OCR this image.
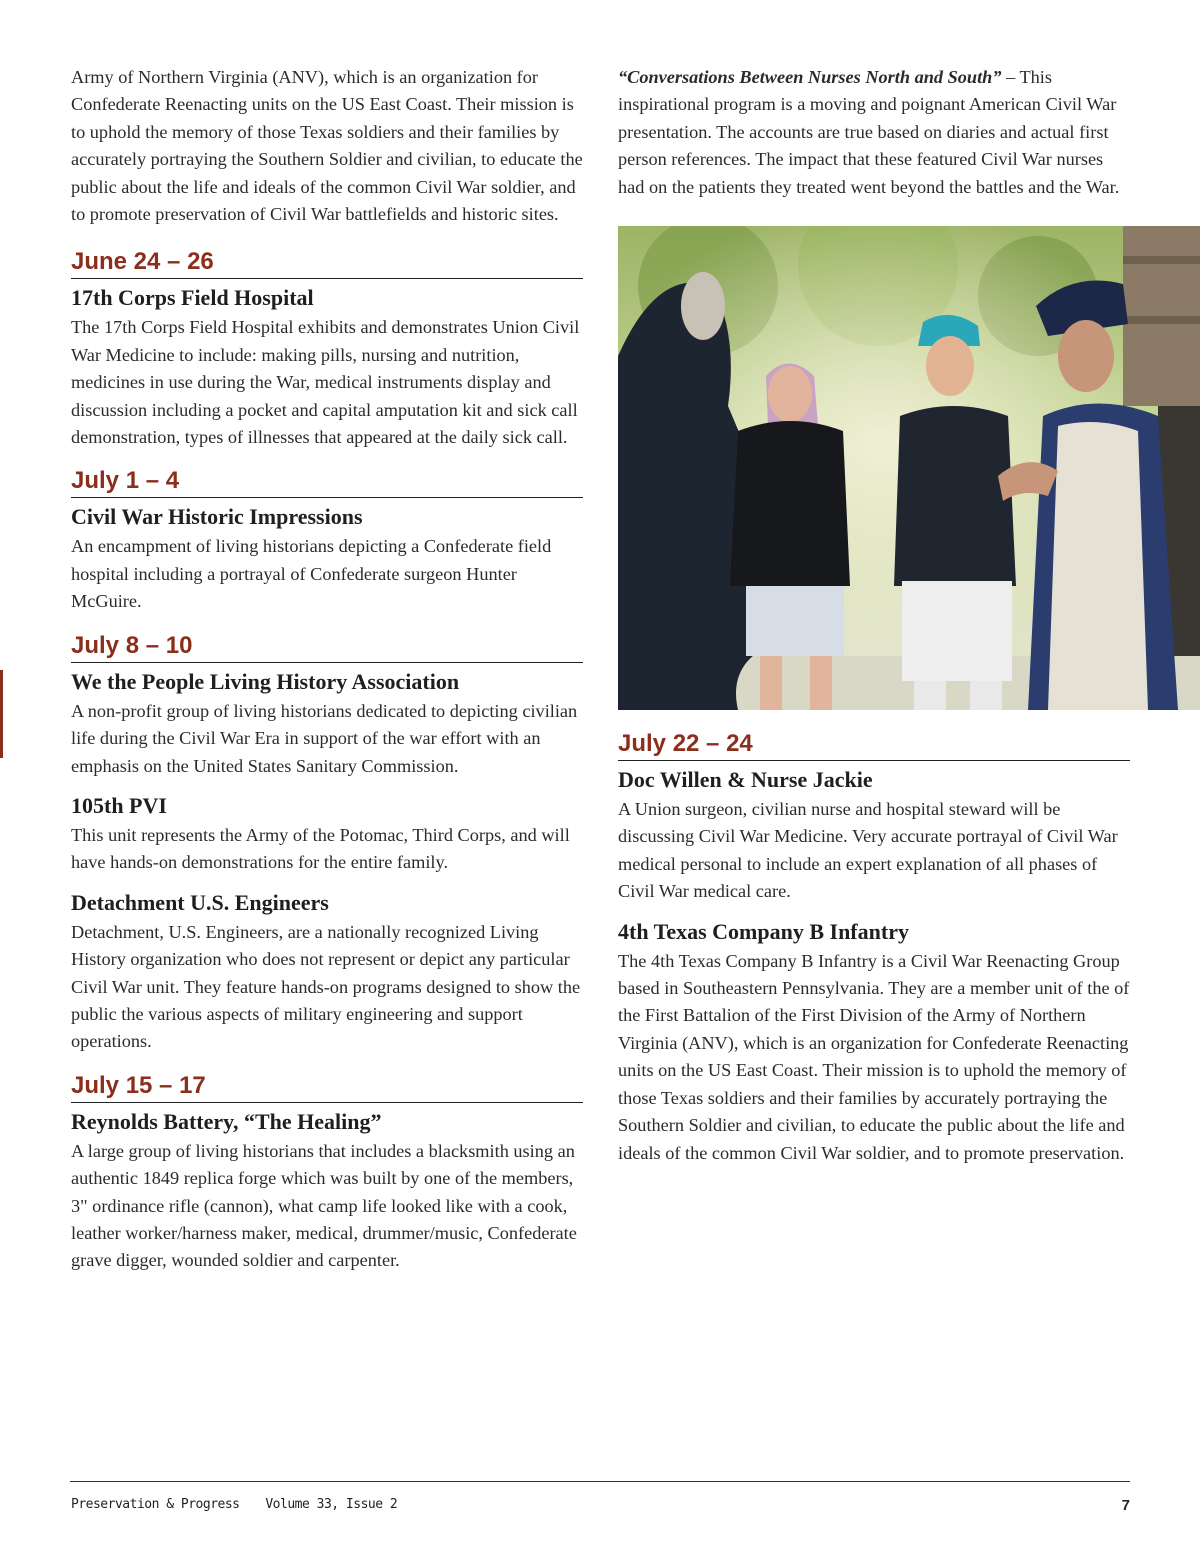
Army of Northern Virginia (ANV), which is an organization for Confederate Reenacting units on the US East Coast. Their mission is to uphold the memory of those Texas soldiers and their families by accurately portraying the Southern Soldier and civilian, to educate the public about the life and ideals of the common Civil War soldier, and to promote preservation of Civil War battlefields and historic sites.

June 24 – 26
17th Corps Field Hospital

The 17th Corps Field Hospital exhibits and demonstrates Union Civil War Medicine to include: making pills, nursing and nutrition, medicines in use during the War, medical instruments display and discussion including a pocket and capital amputation kit and sick call demonstration, types of illnesses that appeared at the daily sick call.

July 1 – 4
Civil War Historic Impressions

An encampment of living historians depicting a Confederate field hospital including a portrayal of Confederate surgeon Hunter McGuire.

July 8 – 10
We the People Living History Association

A non-profit group of living historians dedicated to depicting civilian life during the Civil War Era in support of the war effort with an emphasis on the United States Sanitary Commission.

105th PVI

This unit represents the Army of the Potomac, Third Corps, and will have hands-on demonstrations for the entire family.

Detachment U.S. Engineers

Detachment, U.S. Engineers, are a nationally recognized Living History organization who does not represent or depict any particular Civil War unit. They feature hands-on programs designed to show the public the various aspects of military engineering and support operations.

July 15 – 17
Reynolds Battery, “The Healing”

A large group of living historians that includes a blacksmith using an authentic 1849 replica forge which was built by one of the members, 3" ordinance rifle (cannon), what camp life looked like with a cook, leather worker/harness maker, medical, drummer/music, Confederate grave digger, wounded soldier and carpenter.

“Conversations Between Nurses North and South” – This inspirational program is a moving and poignant American Civil War presentation. The accounts are true based on diaries and actual first person references. The impact that these featured Civil War nurses had on the patients they treated went beyond the battles and the War.

July 22 – 24
Doc Willen & Nurse Jackie

A Union surgeon, civilian nurse and hospital steward will be discussing Civil War Medicine. Very accurate portrayal of Civil War medical personal to include an expert explanation of all phases of Civil War medical care.

4th Texas Company B Infantry

The 4th Texas Company B Infantry is a Civil War Reenacting Group based in Southeastern Pennsylvania. They are a member unit of the of the First Battalion of the First Division of the Army of Northern Virginia (ANV), which is an organization for Confederate Reenacting units on the US East Coast. Their mission is to uphold the memory of those Texas soldiers and their families by accurately portraying the Southern Soldier and civilian, to educate the public about the life and ideals of the common Civil War soldier, and to promote preservation.

Preservation & Progress Volume 33, Issue 2	7
